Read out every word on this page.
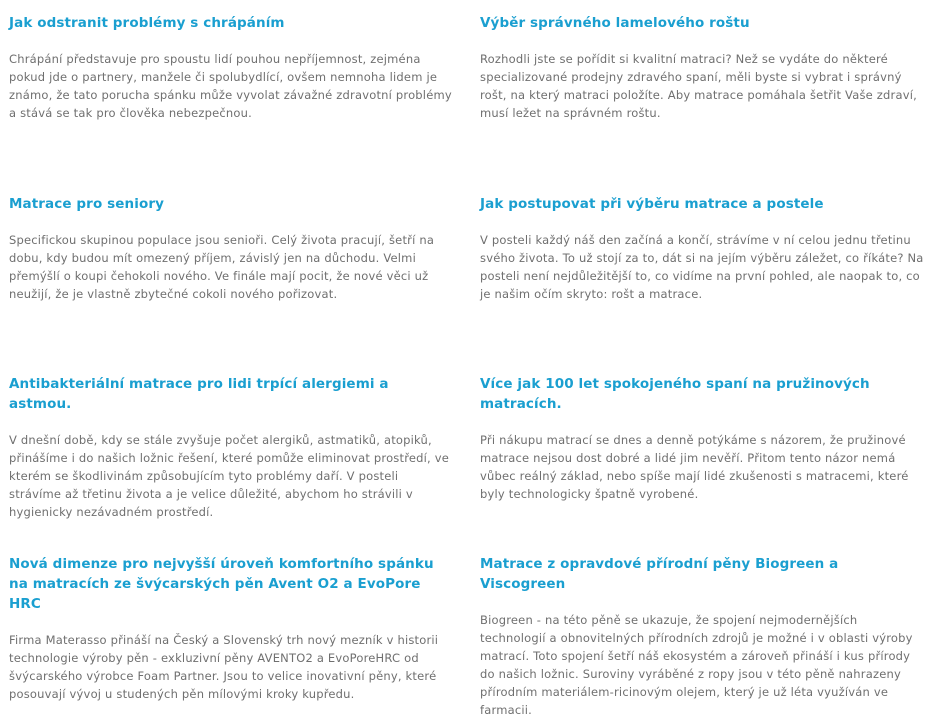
Jak odstranit problémy s chrápáním

Chrápání představuje pro spoustu lidí pouhou nepříjemnost, zejména pokud jde o partnery, manžele či spolubydlící, ovšem nemnoha lidem je známo, že tato porucha spánku může vyvolat závažné zdravotní problémy a stává se tak pro člověka nebezpečnou.

Výběr správného lamelového roštu

Rozhodli jste se pořídit si kvalitní matraci? Než se vydáte do některé specializované prodejny zdravého spaní, měli byste si vybrat i správný rošt, na který matraci položíte. Aby matrace pomáhala šetřit Vaše zdraví, musí ležet na správném roštu.

Matrace pro seniory

Specifickou skupinou populace jsou senioři. Celý života pracují, šetří na dobu, kdy budou mít omezený příjem, závislý jen na důchodu. Velmi přemýšlí o koupi čehokoli nového. Ve finále mají pocit, že nové věci už neužijí, že je vlastně zbytečné cokoli nového pořizovat.

Jak postupovat při výběru matrace a postele

V posteli každý náš den začíná a končí, strávíme v ní celou jednu třetinu svého života. To už stojí za to, dát si na jejím výběru záležet, co říkáte? Na posteli není nejdůležitější to, co vidíme na první pohled, ale naopak to, co je našim očím skryto: rošt a matrace.

Antibakteriální matrace pro lidi trpící alergiemi a astmou.

V dnešní době, kdy se stále zvyšuje počet alergiků, astmatiků, atopiků, přinášíme i do našich ložnic řešení, které pomůže eliminovat prostředí, ve kterém se škodlivinám způsobujícím tyto problémy daří. V posteli strávíme až třetinu života a je velice důležité, abychom ho strávili v hygienicky nezávadném prostředí.

Více jak 100 let spokojeného spaní na pružinových matracích.

Při nákupu matrací se dnes a denně potýkáme s názorem, že pružinové matrace nejsou dost dobré a lidé jim nevěří. Přitom tento názor nemá vůbec reálný základ, nebo spíše mají lidé zkušenosti s matracemi, které byly technologicky špatně vyrobené.

Nová dimenze pro nejvyšší úroveň komfortního spánku na matracích ze švýcarských pěn Avent O2 a EvoPore HRC

Firma Materasso přináší na Český a Slovenský trh nový mezník v historii technologie výroby pěn - exkluzivní pěny AVENTO2 a EvoPoreHRC od švýcarského výrobce Foam Partner. Jsou to velice inovativní pěny, které posouvají vývoj u studených pěn mílovými kroky kupředu.

Matrace z opravdové přírodní pěny Biogreen a Viscogreen

Biogreen - na této pěně se ukazuje, že spojení nejmodernějších technologií a obnovitelných přírodních zdrojů je možné i v oblasti výroby matrací. Toto spojení šetří náš ekosystém a zároveň přináší i kus přírody do našich ložnic. Suroviny vyráběné z ropy jsou v této pěně nahrazeny přírodním materiálem-ricinovým olejem, který je už léta využíván ve farmacii.
